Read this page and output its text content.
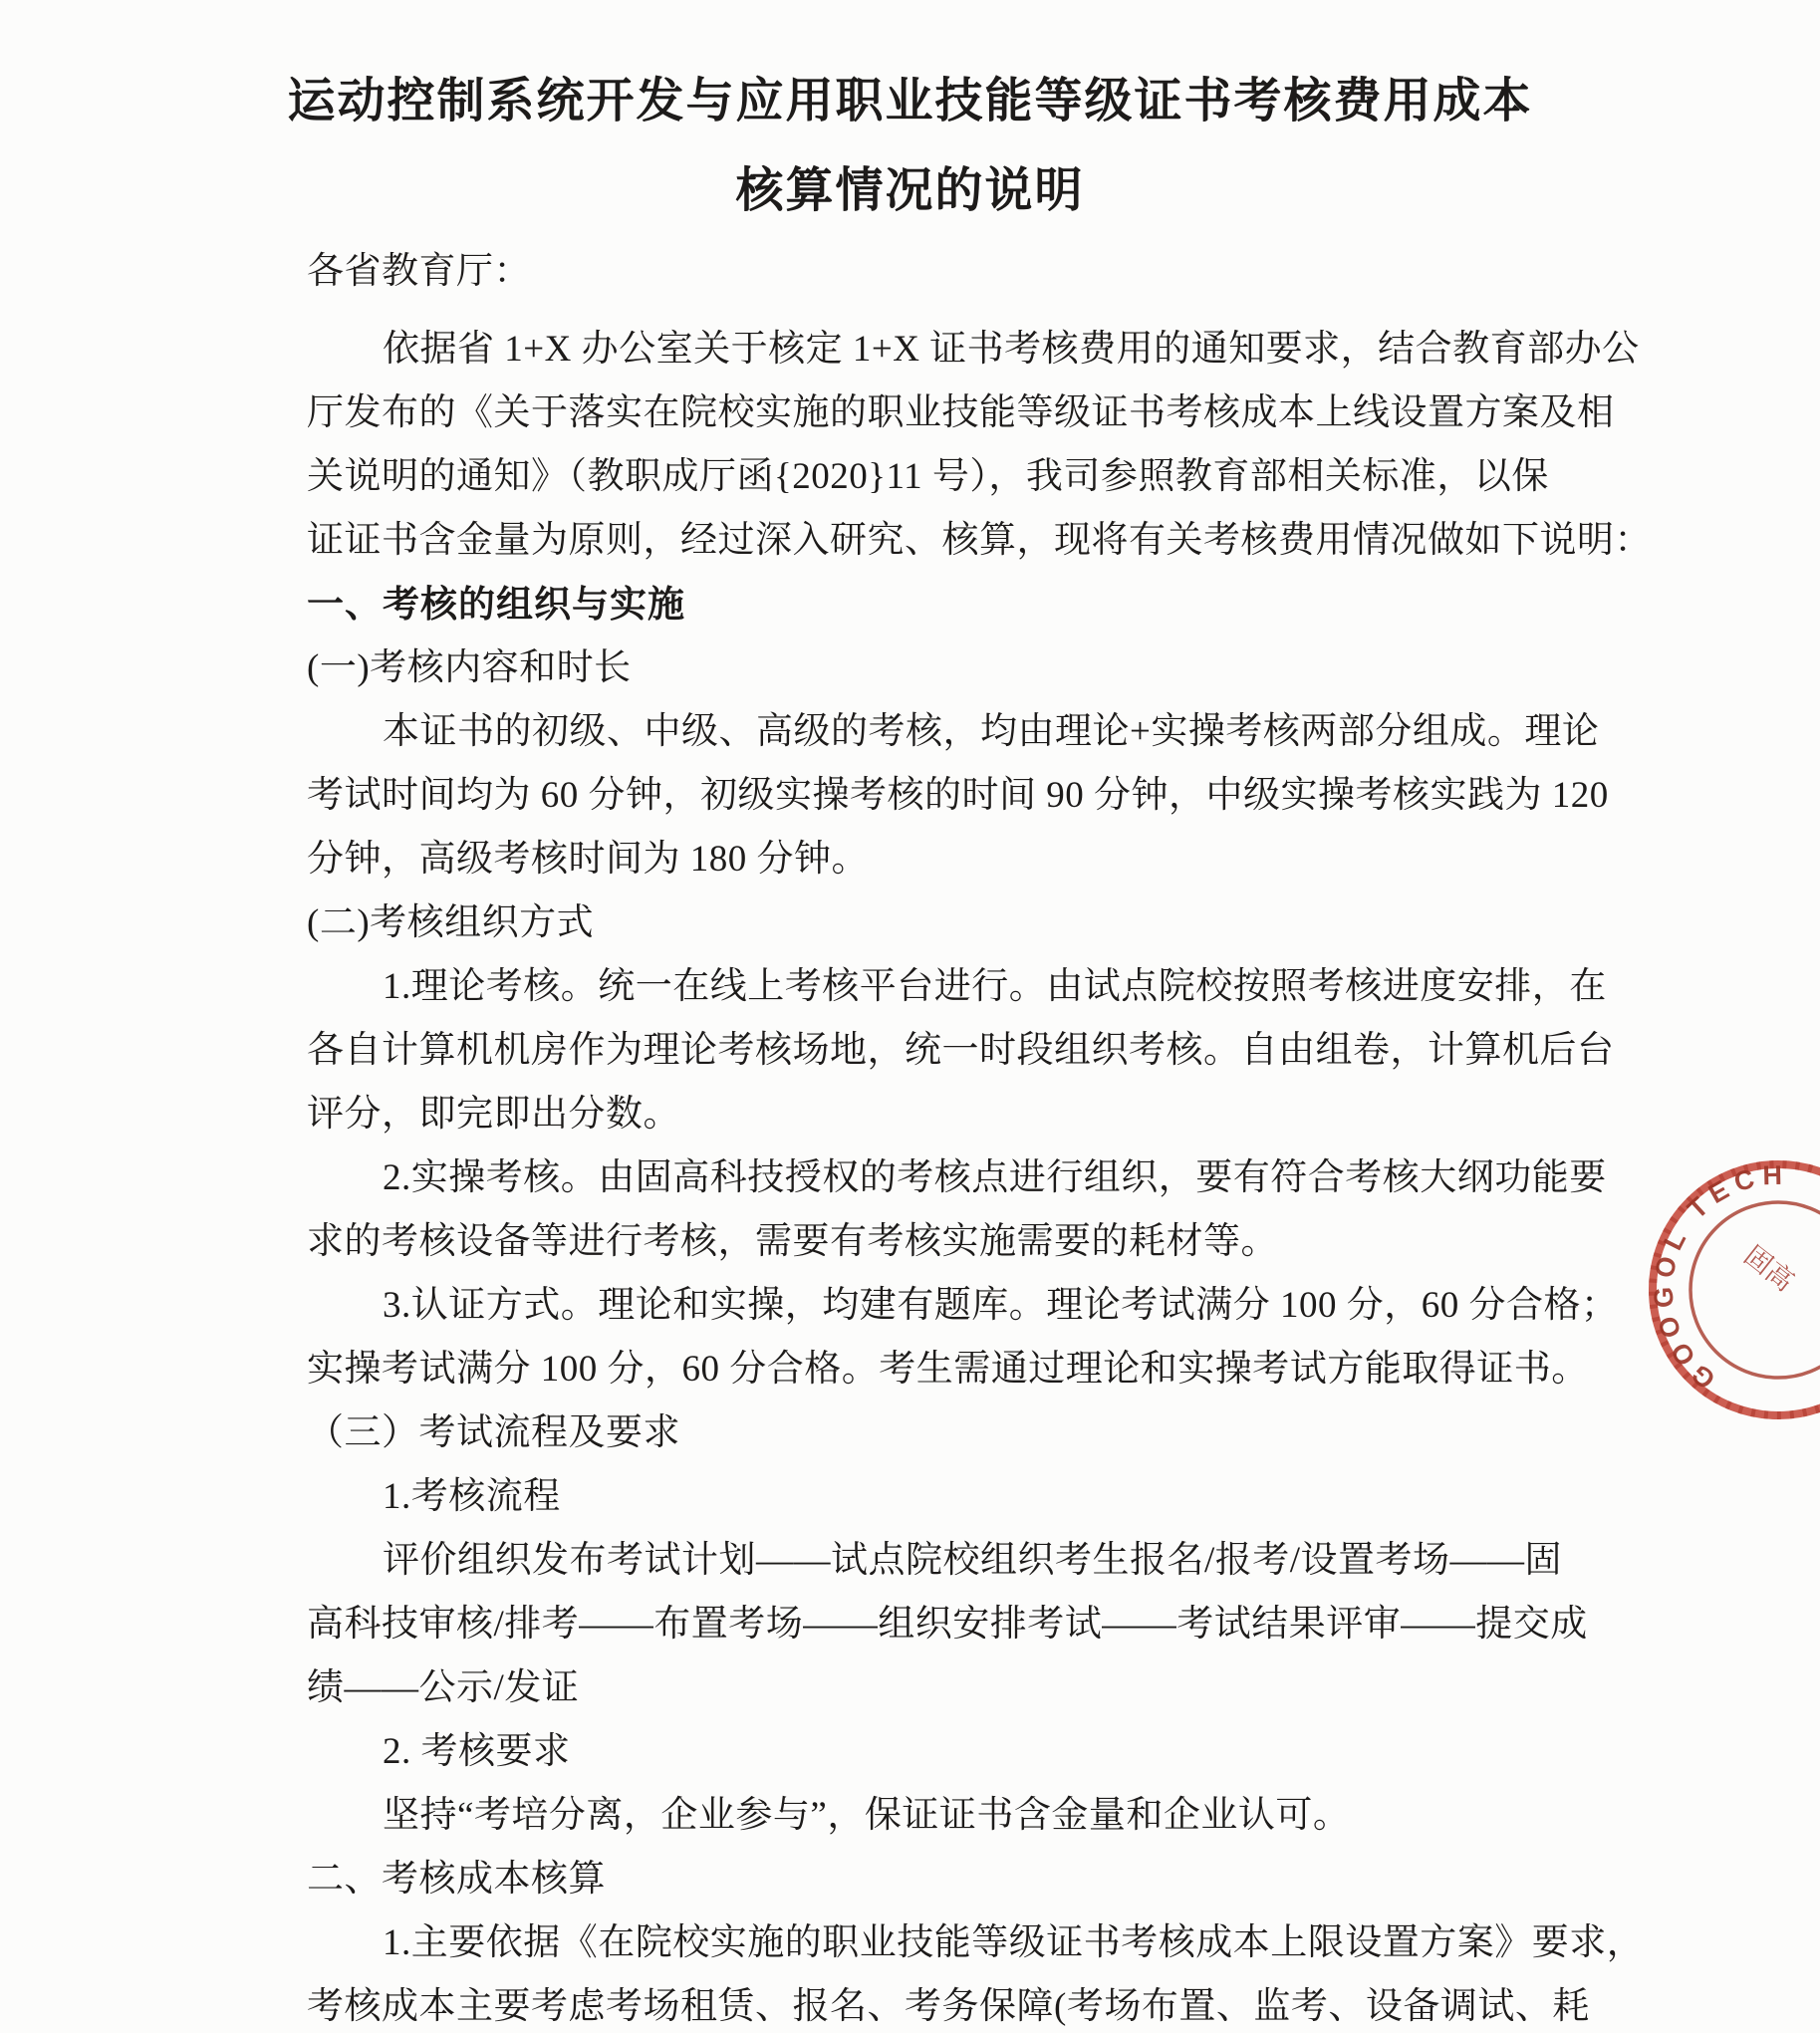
运动控制系统开发与应用职业技能等级证书考核费用成本
核算情况的说明
各省教育厅：
依据省 1+X 办公室关于核定 1+X 证书考核费用的通知要求，结合教育部办公
厅发布的《关于落实在院校实施的职业技能等级证书考核成本上线设置方案及相
关说明的通知》（教职成厅函{2020}11 号），我司参照教育部相关标准，以保
证证书含金量为原则，经过深入研究、核算，现将有关考核费用情况做如下说明：
一、考核的组织与实施
(一)考核内容和时长
本证书的初级、中级、高级的考核，均由理论+实操考核两部分组成。理论
考试时间均为 60 分钟，初级实操考核的时间 90 分钟，中级实操考核实践为 120
分钟，高级考核时间为 180 分钟。
(二)考核组织方式
1.理论考核。统一在线上考核平台进行。由试点院校按照考核进度安排，在
各自计算机机房作为理论考核场地，统一时段组织考核。自由组卷，计算机后台
评分，即完即出分数。
2.实操考核。由固高科技授权的考核点进行组织，要有符合考核大纲功能要
求的考核设备等进行考核，需要有考核实施需要的耗材等。
3.认证方式。理论和实操，均建有题库。理论考试满分 100 分，60 分合格；
实操考试满分 100 分，60 分合格。考生需通过理论和实操考试方能取得证书。
（三）考试流程及要求
1.考核流程
评价组织发布考试计划——试点院校组织考生报名/报考/设置考场——固
高科技审核/排考——布置考场——组织安排考试——考试结果评审——提交成
绩——公示/发证
2. 考核要求
坚持“考培分离，企业参与”，保证证书含金量和企业认可。
二、考核成本核算
1.主要依据《在院校实施的职业技能等级证书考核成本上限设置方案》要求，
考核成本主要考虑考场租赁、报名、考务保障(考场布置、监考、设备调试、耗
GOOGOL TECH
固高
